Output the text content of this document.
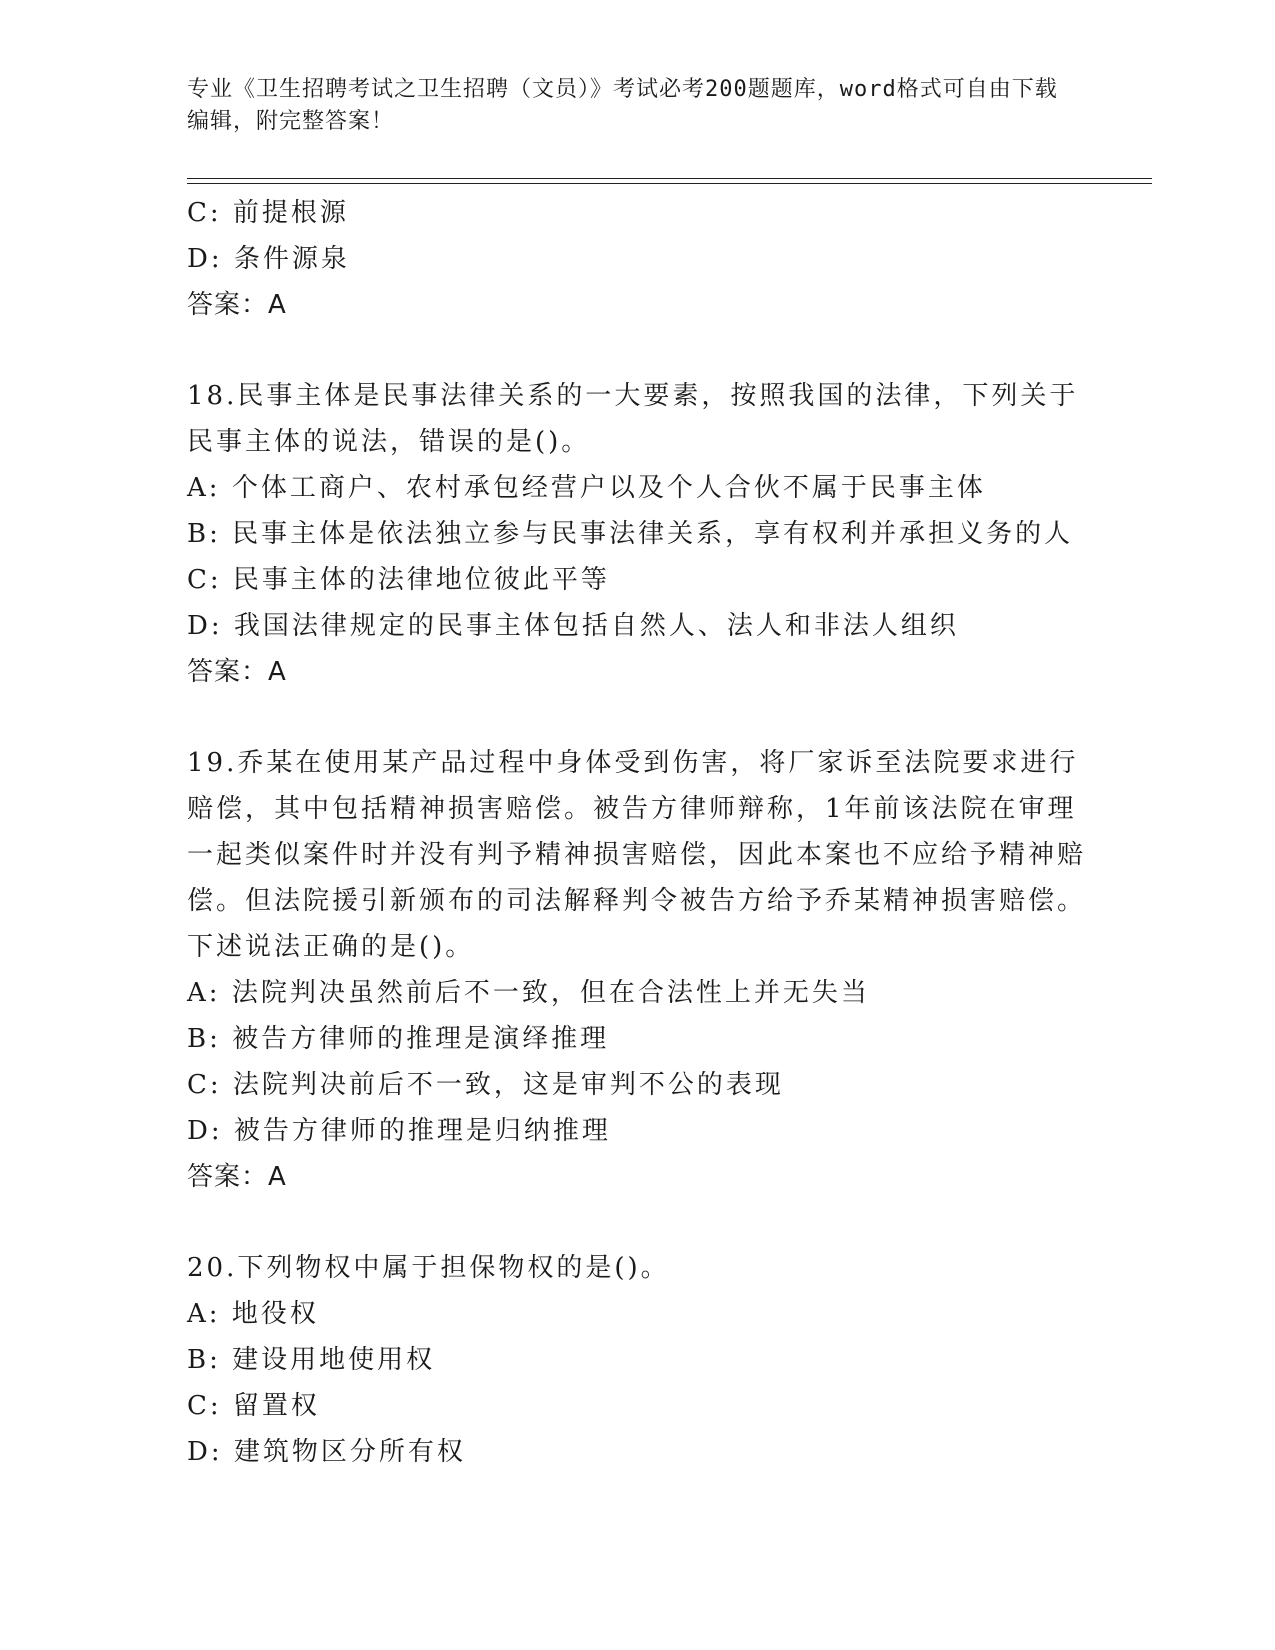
专业《卫生招聘考试之卫生招聘（文员）》考试必考200题题库，word格式可自由下载编辑，附完整答案！
C: 前提根源
D: 条件源泉
答案：A
18.民事主体是民事法律关系的一大要素，按照我国的法律，下列关于民事主体的说法，错误的是()。
A: 个体工商户、农村承包经营户以及个人合伙不属于民事主体
B: 民事主体是依法独立参与民事法律关系，享有权利并承担义务的人
C: 民事主体的法律地位彼此平等
D: 我国法律规定的民事主体包括自然人、法人和非法人组织
答案：A
19.乔某在使用某产品过程中身体受到伤害，将厂家诉至法院要求进行赔偿，其中包括精神损害赔偿。被告方律师辩称，1年前该法院在审理一起类似案件时并没有判予精神损害赔偿，因此本案也不应给予精神赔偿。但法院援引新颁布的司法解释判令被告方给予乔某精神损害赔偿。下述说法正确的是()。
A: 法院判决虽然前后不一致，但在合法性上并无失当
B: 被告方律师的推理是演绎推理
C: 法院判决前后不一致，这是审判不公的表现
D: 被告方律师的推理是归纳推理
答案：A
20.下列物权中属于担保物权的是()。
A: 地役权
B: 建设用地使用权
C: 留置权
D: 建筑物区分所有权
